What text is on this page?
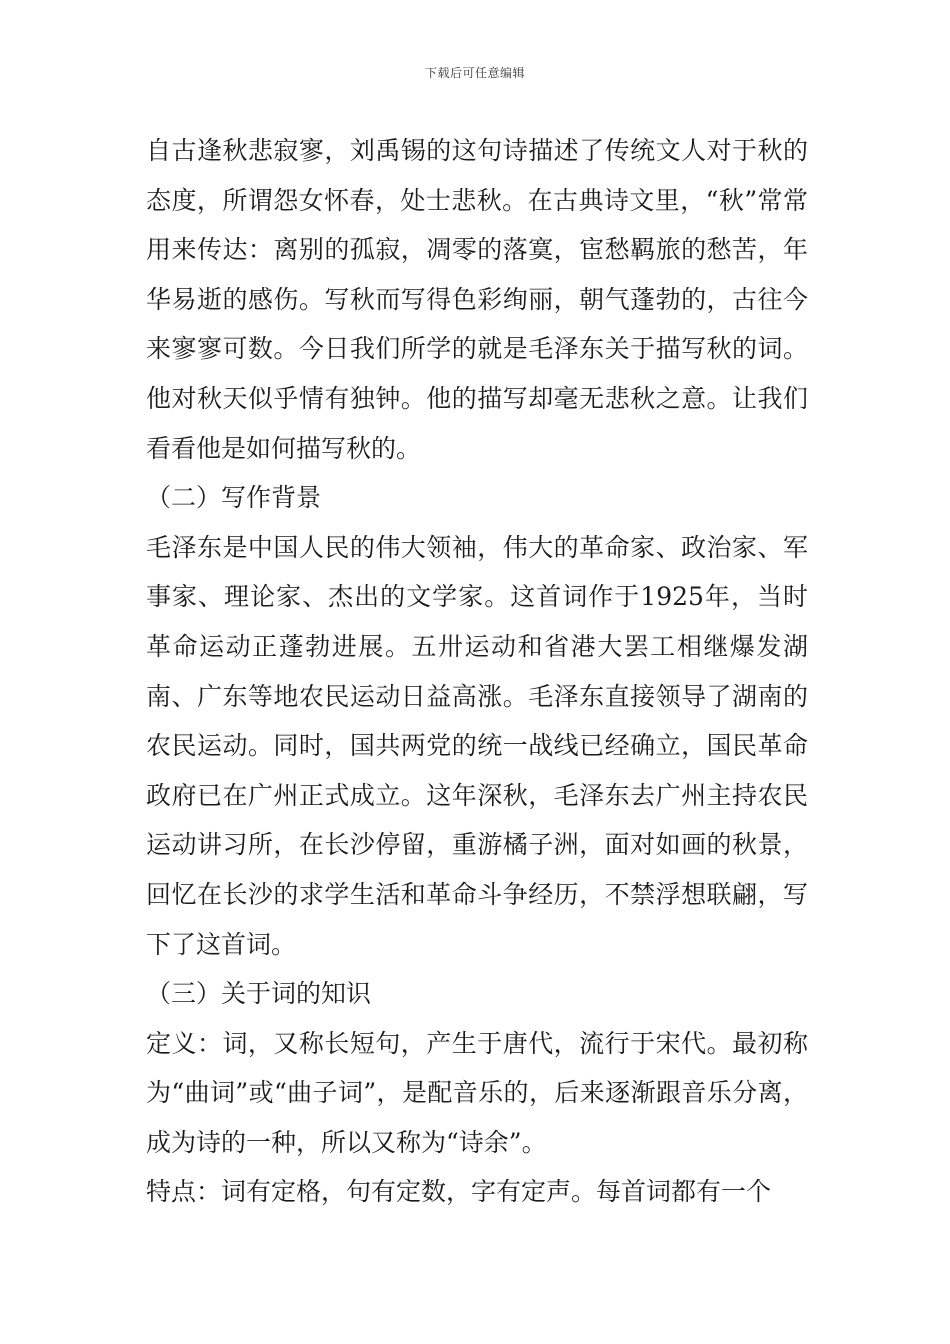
下载后可任意编辑

自古逢秋悲寂寥，刘禹锡的这句诗描述了传统文人对于秋的态度，所谓怨女怀春，处士悲秋。在古典诗文里，“秋”常常用来传达：离别的孤寂，凋零的落寞，宦愁羁旅的愁苦，年华易逝的感伤。写秋而写得色彩绚丽，朝气蓬勃的，古往今来寥寥可数。今日我们所学的就是毛泽东关于描写秋的词。他对秋天似乎情有独钟。他的描写却毫无悲秋之意。让我们看看他是如何描写秋的。

（二）写作背景

毛泽东是中国人民的伟大领袖，伟大的革命家、政治家、军事家、理论家、杰出的文学家。这首词作于1925年，当时革命运动正蓬勃进展。五卅运动和省港大罢工相继爆发湖南、广东等地农民运动日益高涨。毛泽东直接领导了湖南的农民运动。同时，国共两党的统一战线已经确立，国民革命政府已在广州正式成立。这年深秋，毛泽东去广州主持农民运动讲习所，在长沙停留，重游橘子洲，面对如画的秋景，回忆在长沙的求学生活和革命斗争经历，不禁浮想联翩，写下了这首词。

（三）关于词的知识

定义：词，又称长短句，产生于唐代，流行于宋代。最初称为“曲词”或“曲子词”，是配音乐的，后来逐渐跟音乐分离，成为诗的一种，所以又称为“诗余”。

特点：词有定格，句有定数，字有定声。每首词都有一个
